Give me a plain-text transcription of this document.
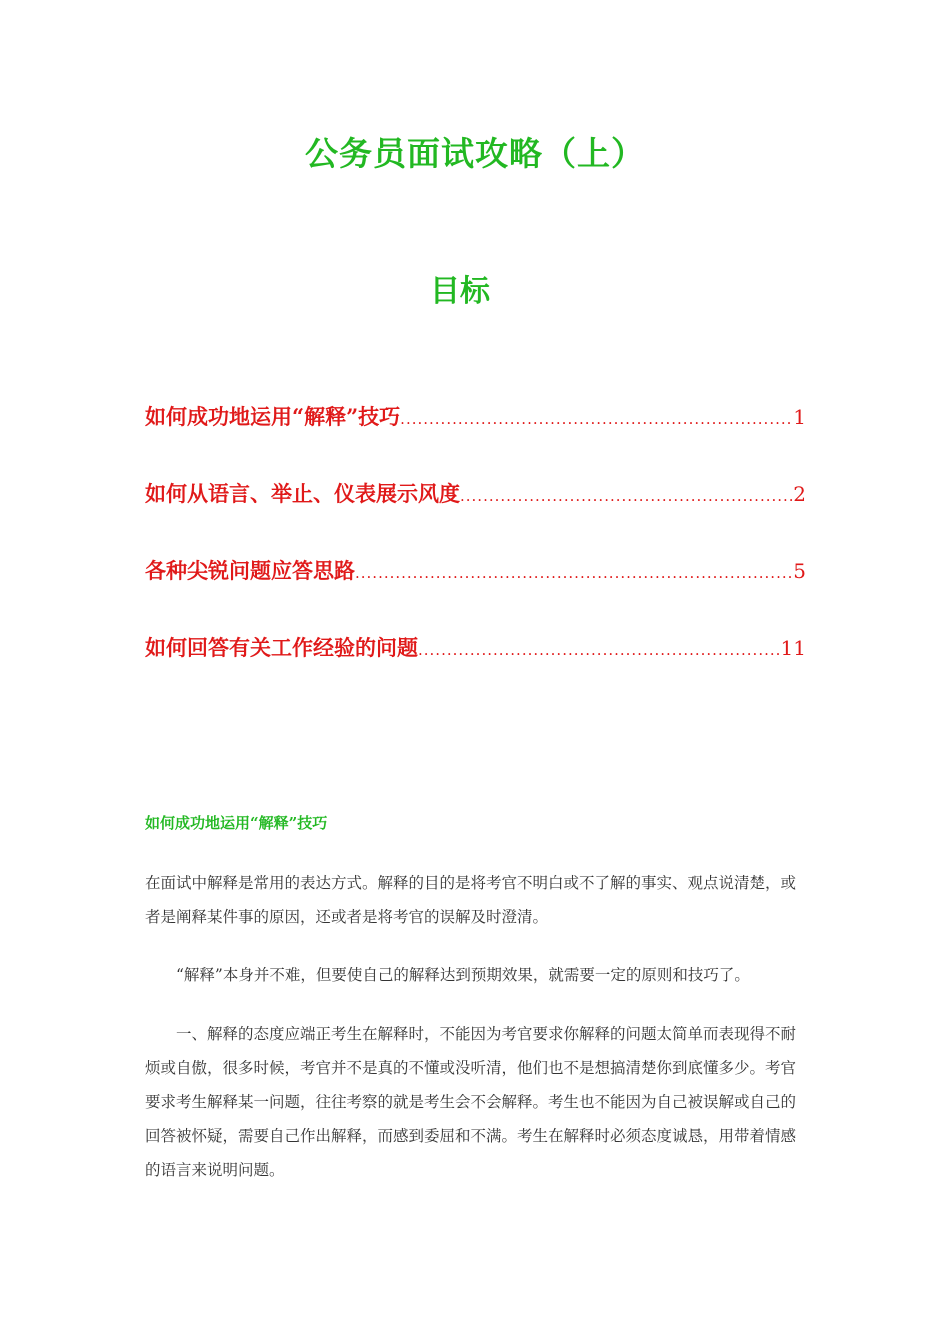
公务员面试攻略（上）
目标
如何成功地运用“解释”技巧 .....	1
如何从语言、举止、仪表展示风度 .....	2
各种尖锐问题应答思路 .....	5
如何回答有关工作经验的问题 .....	11
如何成功地运用“解释”技巧

在面试中解释是常用的表达方式。解释的目的是将考官不明白或不了解的事实、观点说清楚，或者是阐释某件事的原因，还或者是将考官的误解及时澄清。

“解释”本身并不难，但要使自己的解释达到预期效果，就需要一定的原则和技巧了。

一、解释的态度应端正考生在解释时，不能因为考官要求你解释的问题太简单而表现得不耐烦或自傲，很多时候，考官并不是真的不懂或没听清，他们也不是想搞清楚你到底懂多少。考官要求考生解释某一问题，往往考察的就是考生会不会解释。考生也不能因为自己被误解或自己的回答被怀疑，需要自己作出解释，而感到委屈和不满。考生在解释时必须态度诚恳，用带着情感的语言来说明问题。
